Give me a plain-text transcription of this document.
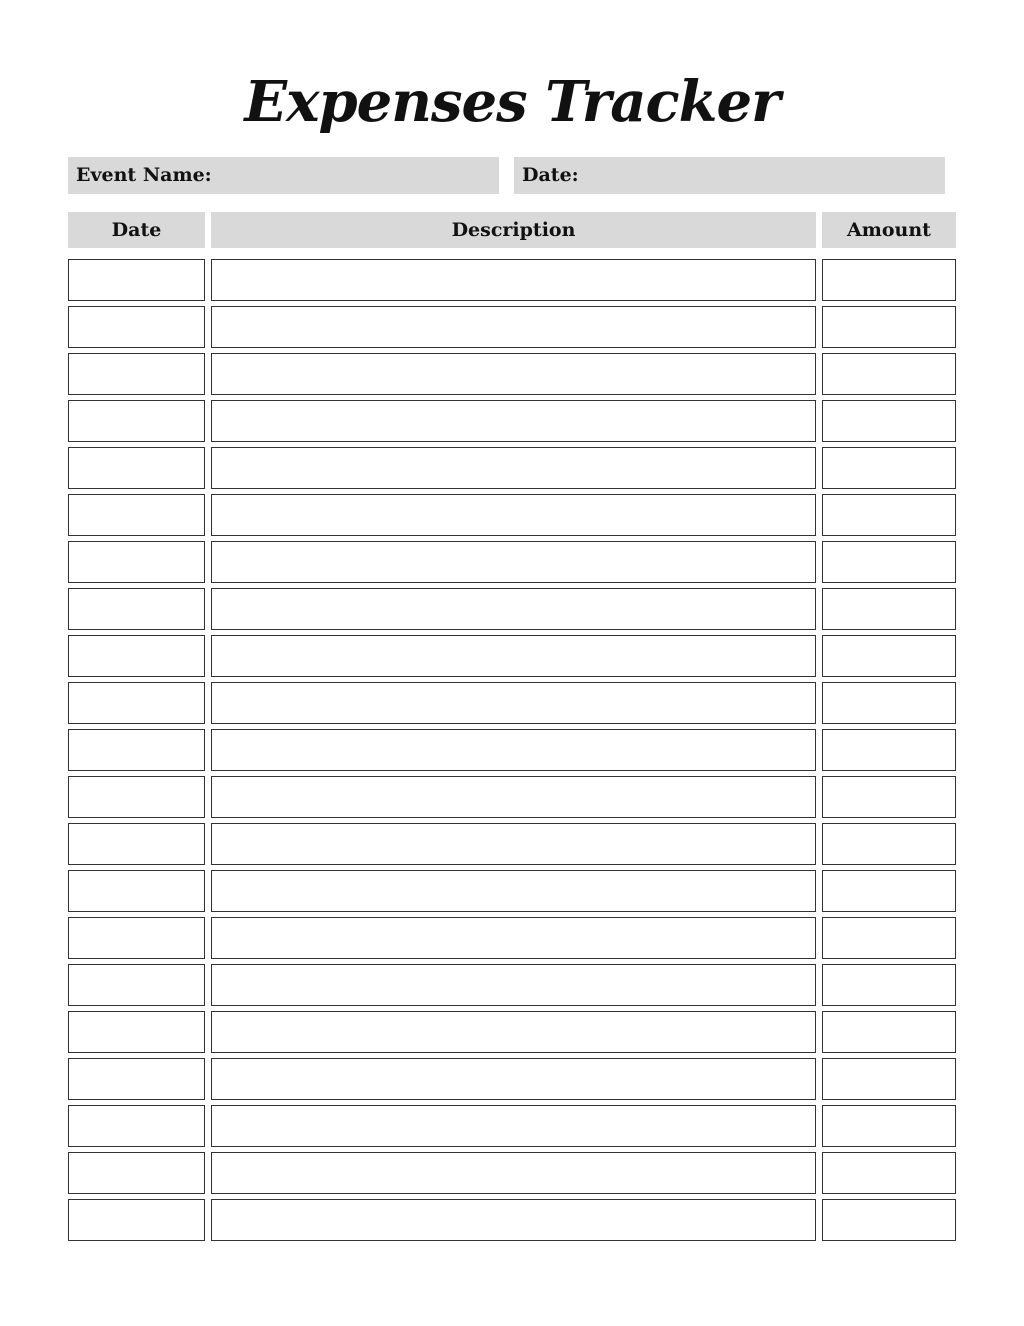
Expenses Tracker
Event Name:	Date:
Date	Description	Amount
